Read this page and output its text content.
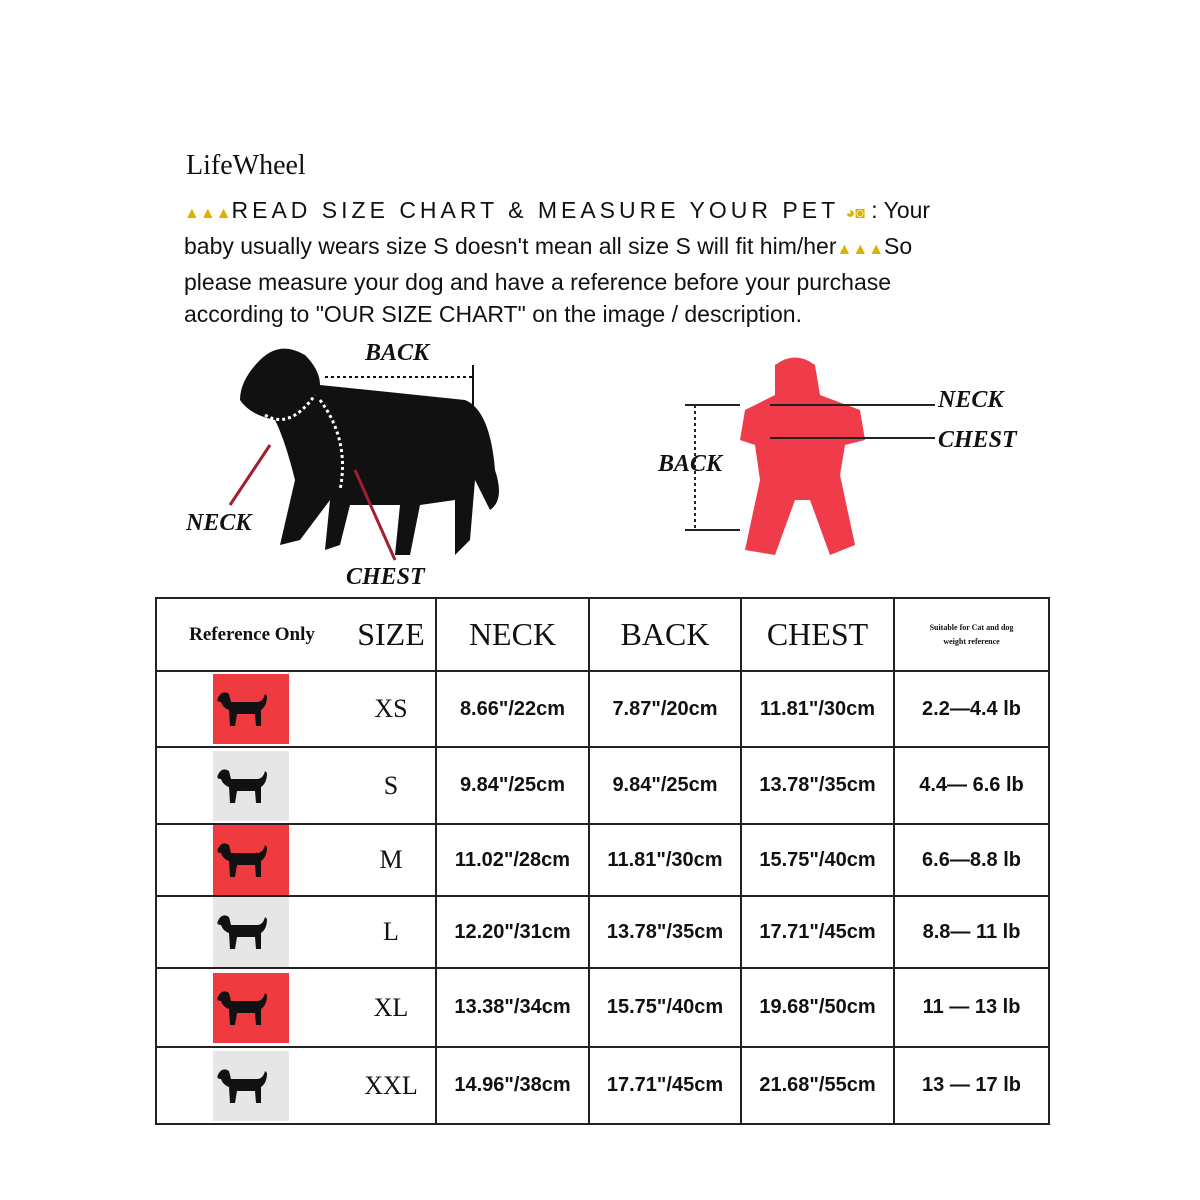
LifeWheel
▲▲▲READ SIZE CHART & MEASURE YOUR PET ◕◙ : Your
baby usually wears size S doesn't mean all size S will fit him/her▲▲▲So
please measure your dog and have a reference before your purchase
according to "OUR SIZE CHART" on the image / description.
BACK
NECK
CHEST
NECK
CHEST
BACK
Reference Only	SIZE	NECK	BACK	CHEST	Suitable for Cat and dog
weight reference

	XS	8.66"/22cm	7.87"/20cm	11.81"/30cm	2.2—4.4 lb
	S	9.84"/25cm	9.84"/25cm	13.78"/35cm	4.4— 6.6 lb
	M	11.02"/28cm	11.81"/30cm	15.75"/40cm	6.6—8.8 lb
	L	12.20"/31cm	13.78"/35cm	17.71"/45cm	8.8— 11 lb
	XL	13.38"/34cm	15.75"/40cm	19.68"/50cm	11 — 13 lb
	XXL	14.96"/38cm	17.71"/45cm	21.68"/55cm	13 — 17 lb
